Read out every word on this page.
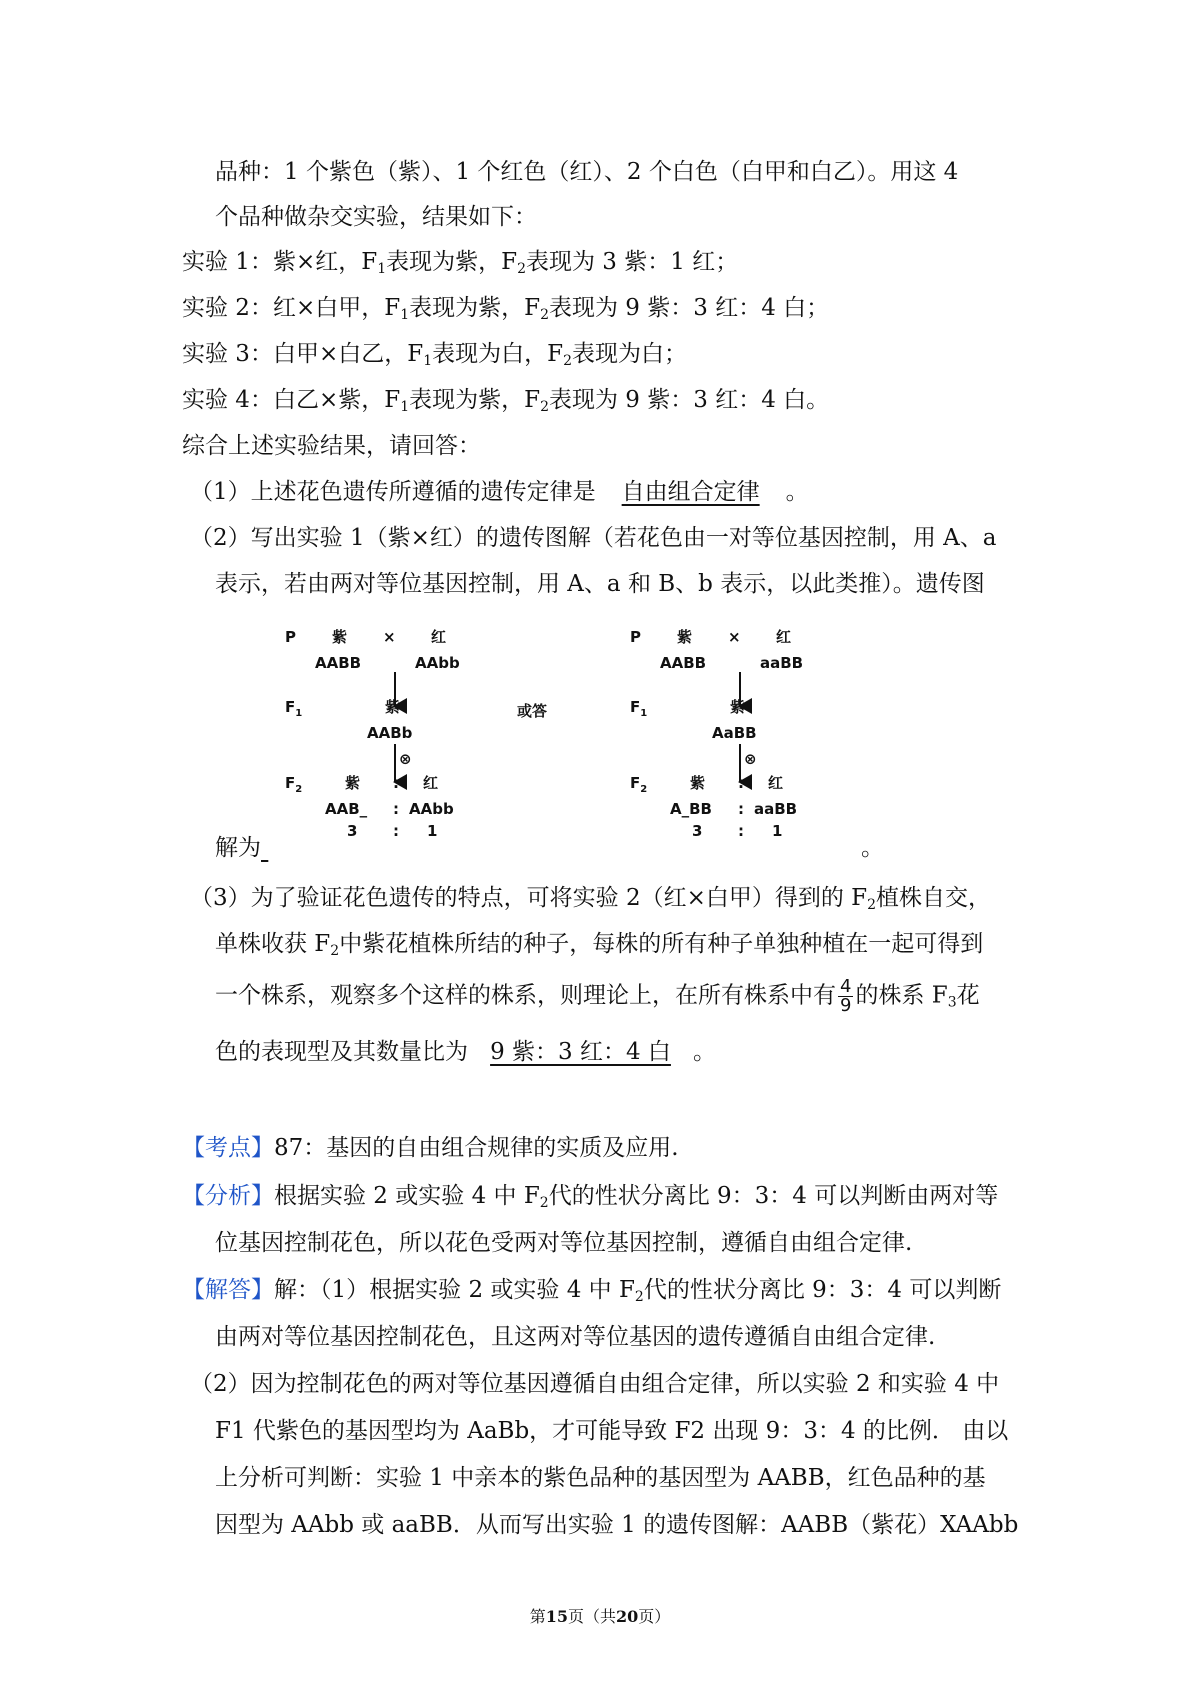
品种：1 个紫色（紫）、1 个红色（红）、2 个白色（白甲和白乙）。用这 4
个品种做杂交实验，结果如下：
实验 1：紫×红，$F_1$表现为紫，$F_2$表现为 3 紫：1 红；
实验 2：红×白甲，$F_1$表现为紫，$F_2$表现为 9 紫：3 红：4 白；
实验 3：白甲×白乙，$F_1$表现为白，$F_2$表现为白；
实验 4：白乙×紫，$F_1$表现为紫，$F_2$表现为 9 紫：3 红：4 白。
综合上述实验结果，请回答：
（1）上述花色遗传所遵循的遗传定律是 自由组合定律 。
（2）写出实验 1（紫×红）的遗传图解（若花色由一对等位基因控制，用 A、a
表示，若由两对等位基因控制，用 A、a 和 B、b 表示，以此类推）。遗传图
解为	。
P 紫 × 红
AABB	AAbb
$F_1$	紫
AABb
⊗
$F_2$	紫 : 红
AAB_ : AAbb
3 : 1
或答
P 紫 × 红
AABB	aaBB
$F_1$	紫
AaBB
⊗
$F_2$	紫 : 红
A_BB : aaBB
3 : 1
（3）为了验证花色遗传的特点，可将实验 2（红×白甲）得到的 $F_2$植株自交，
单株收获 $F_2$中紫花植株所结的种子，每株的所有种子单独种植在一起可得到
一个株系，观察多个这样的株系，则理论上，在所有株系中有 $\frac{4}{9}$ 的株系 $F_3$花
色的表现型及其数量比为 9 紫：3 红：4 白 。
【考点】87：基因的自由组合规律的实质及应用.
【分析】根据实验 2 或实验 4 中 $F_2$代的性状分离比 9：3：4 可以判断由两对等
位基因控制花色，所以花色受两对等位基因控制，遵循自由组合定律.
【解答】解：（1）根据实验 2 或实验 4 中 $F_2$代的性状分离比 9：3：4 可以判断
由两对等位基因控制花色，且这两对等位基因的遗传遵循自由组合定律.
（2）因为控制花色的两对等位基因遵循自由组合定律，所以实验 2 和实验 4 中
F1 代紫色的基因型均为 AaBb，才可能导致 F2 出现 9：3：4 的比例． 由以
上分析可判断：实验 1 中亲本的紫色品种的基因型为 AABB，红色品种的基
因型为 AAbb 或 aaBB．从而写出实验 1 的遗传图解：AABB（紫花）XAAbb
第15页（共20页）
